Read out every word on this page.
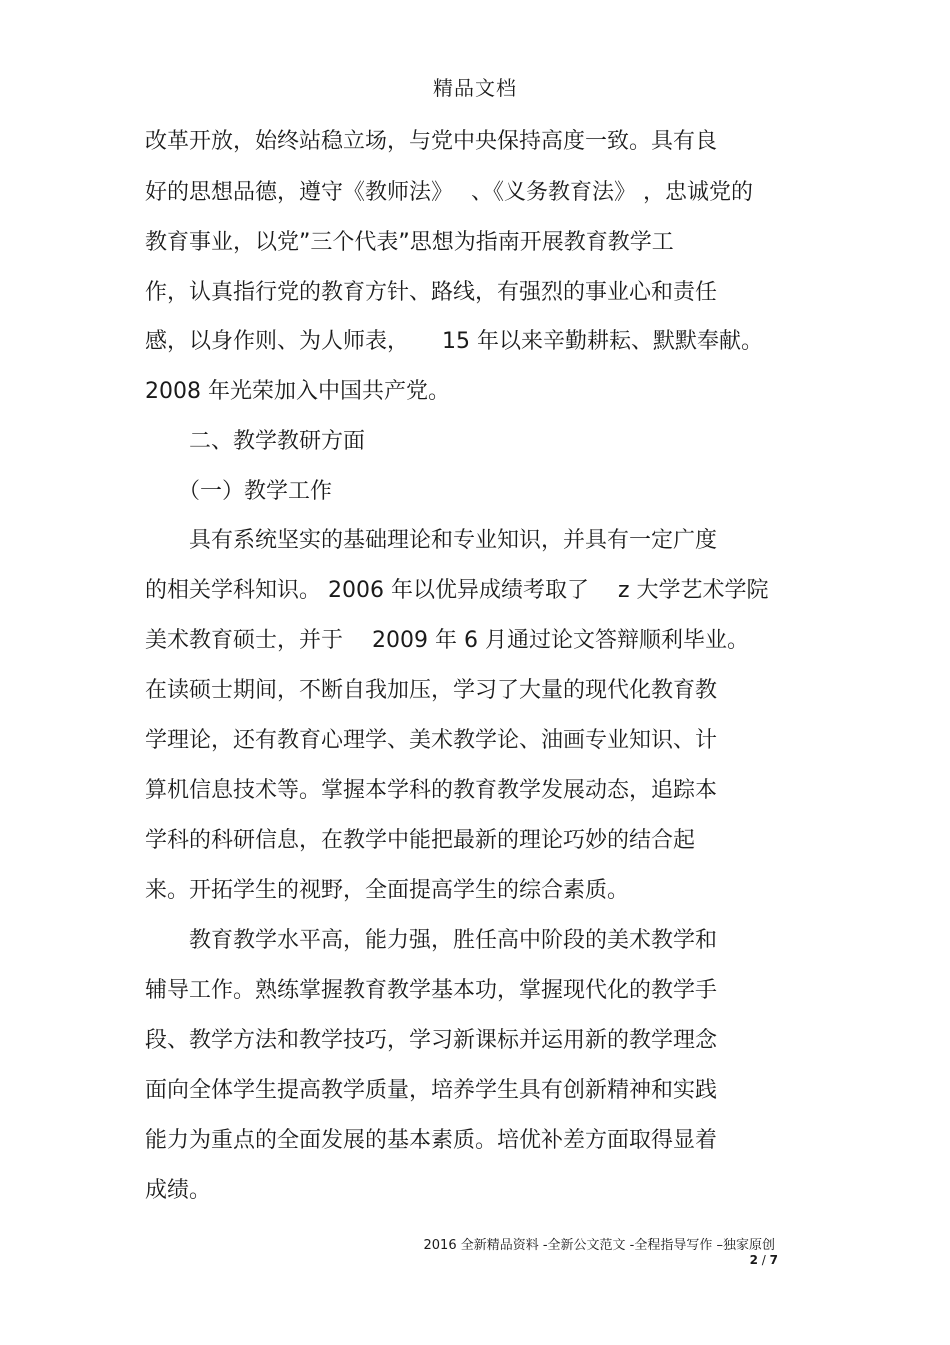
精品文档
改革开放，始终站稳立场，与党中央保持高度一致。具有良
好的思想品德，遵守《教师法》　 、《义务教育法》 ，忠诚党的
教育事业，以党”三个代表”思想为指南开展教育教学工
作，认真指行党的教育方针、路线，有强烈的事业心和责任
感，以身作则、为人师表，　　15 年以来辛勤耕耘、默默奉献。
2008 年光荣加入中国共产党。
　　二、教学教研方面
　　（一）教学工作
　　具有系统坚实的基础理论和专业知识，并具有一定广度
的相关学科知识。 2006 年以优异成绩考取了　 z 大学艺术学院
美术教育硕士，并于　 2009 年 6 月通过论文答辩顺利毕业。
在读硕士期间，不断自我加压，学习了大量的现代化教育教
学理论，还有教育心理学、美术教学论、油画专业知识、计
算机信息技术等。掌握本学科的教育教学发展动态，追踪本
学科的科研信息，在教学中能把最新的理论巧妙的结合起
来。开拓学生的视野，全面提高学生的综合素质。
　　教育教学水平高，能力强，胜任高中阶段的美术教学和
辅导工作。熟练掌握教育教学基本功，掌握现代化的教学手
段、教学方法和教学技巧，学习新课标并运用新的教学理念
面向全体学生提高教学质量，培养学生具有创新精神和实践
能力为重点的全面发展的基本素质。培优补差方面取得显着
成绩。
2016 全新精品资料 -全新公文范文 -全程指导写作 –独家原创
2 / 7
